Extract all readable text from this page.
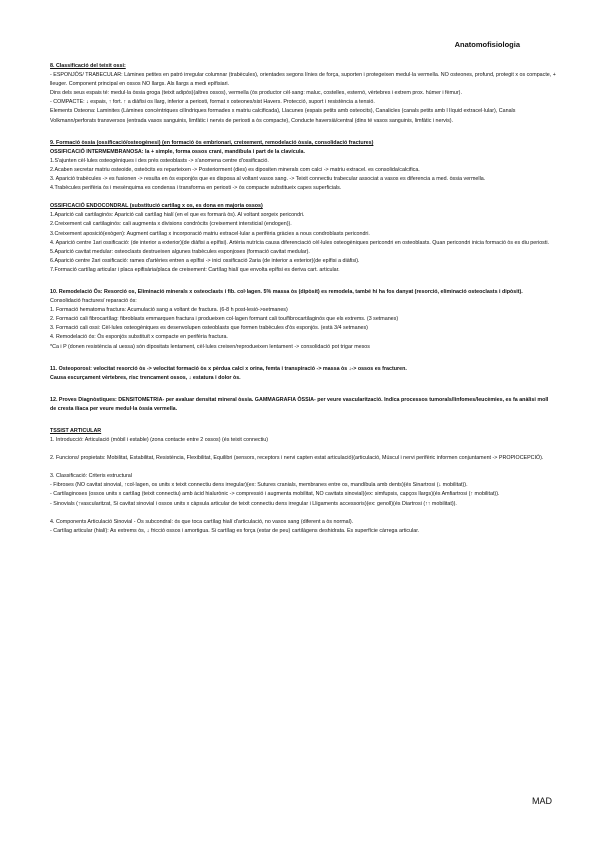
Anatomofisiologia
8. Classificació del teixit ossi:
- ESPONJÓS/ TRABECULAR: Làmines petites en patró irregular columnar (trabècules), orientades segons línies de força, suporten i protegeixen medul·la vermella. NO osteones, profund, protegit x os compacte, + lleuger. Component principal en ossos NO llargs. Als llargs a medi epífisiari.
Dins dels seus espais té: medul·la òssia groga (teixit adipós)(altres ossos), vermella (òs productor cèl·sang: maluc, costelles, esternó, vèrtebres i extrem prox. húmer i fèmur).
- COMPACTE: ↓ espais, ↑ fort. ↑ a diàfisi os llarg, inferior a periosti, format x osteones/sist Havers. Protecció, suport i resistència a tensió.
Elements Osteona: Laminites (Làmines concèntriques cilíndriques formades x matriu calcificada), Llacunes (espais petits amb osteocits), Canalicles (canals petits amb l líquid extracel·lular), Canals Volkmann/perforats transversos (entrada vasos sanguinis, limfàtic i nervis de periosti a òs compacte), Conducte haversià/central (dins té vasos sanguinis, limfàtic i nervis).
9. Formació òssia (ossificació/osteogènesi) (en formació òs embrionari, creixement, remodelació òssia, consolidació fractures)
OSSIFICACIÓ INTERMEMBRANOSA: la + simple, forma ossos crani, mandíbula i part de la clavícula.
1.S'ajunten cèl·lules osteogèniques i des prés osteoblasts -> s'anomena centre d'ossificació.
2.Acaben secretar matriu osteoide, osteòcits es reparteixen -> Posteriorment (dies) es dipositen minerals com calci -> matriu extracel. es consolida/calcifica.
3. Aparició trabècules -> es fusionen -> resulta en òs esponjós que es disposa al voltant vasos sang. -> Teixit connectiu trabecular associat a vasos es diferencia a med. òssia vermella.
4.Trabècules perifèria òs i mesènquima es condensa i transforma en periosti -> òs compacte substitueix capes superficials.
OSSIFICACIÓ ENDOCONDRAL (substitució cartílag x os, es dona en majoria ossos)
1.Aparició cali cartilaginós: Aparició cali cartílag hialí (en el que es formarà òs). Al voltant sorgeix pericondri.
2.Creixement cali cartilaginós: cali augmenta x divisions condròcits (creixement intersticial (endogen)).
3.Creixement aposició(exògen): Augment cartílag x incorporació matriu extracel·lular a perifèria gràcies a nous condroblasts pericondri.
4. Aparició centre 1ari ossificació: (de interior a exterior)(de diàfisi a epífisi). Artèria nutrícia causa diferenciació cèl·lules osteogèniques pericondri en osteoblasts. Quan pericondri inicia formació òs es diu periosti.
5.Aparició cavitat medular: osteoclasts destrueixen algunes trabècules esponjoses (formació cavitat medular).
6.Aparició centre 2ari ossificació: rames d'artèries entren a epífisi -> inici ossificació 2aria (de interior a exterior)(de epífisi a diàfisi).
7.Formació cartílag articular i placa epifisària/placa de creixement: Cartílag hialí que envolta epífisi es deriva cart. articular.
10. Remodelació Ós: Resorció os, Eliminació minerals x osteoclasts i fib. col·lagen. 5% massa òs (dipòsit) es remodela, també hi ha fos danyat (resorció, eliminació osteoclasts i dipòsit).
Consolidació fractures/ reparació ós:
1. Formació hematoma fractura: Acumulació sang a voltant de fractura. (6-8 h post-lesió->setmanes)
2. Formació cali fibrocartílag: fibroblasts emmarquen fractura i produeixen col·lagen formant cali tou/fibrocartilaginós que els extrems. (3 setmanes)
3. Formació cali ossi: Cèl·lules osteogèniques es desenvolupen osteoblasts que formen trabècules d'òs esponjós. (està 3/4 setmanes)
4. Remodelació ós: Òs esponjós substituït x compacte en perifèria fractura.
*Ca i P (donen resistència al uessa) són dipositats lentament, cèl·lules creixen/reprodueixen lentament -> consolidació pot trigar mesos
11. Osteoporosi: velocitat resorció òs -> velocitat formació òs x pèrdua calci x orina, femta i transpiració -> massa òs ↓-> ossos es fracturen.
Causa escurçament vèrtebres, risc trencament ossos, ↓ estatura i dolor òs.
12. Proves Diagnòstiques: DENSITOMETRIA- per avaluar densitat mineral òssia. GAMMAGRAFIA ÒSSIA- per veure vascularització. Indica processos tumorals/linfomes/leucèmies, es fa anàlisi moll de cresta ilíaca per veure medul·la òssia vermella.
TSSIST ARTICULAR
1. Introducció: Articulació (mòbil i estable) (zona contacte entre 2 ossos) (és teixit connectiu)
2. Funcions/ propietats: Mobilitat, Estabilitat, Resistència, Flexibilitat, Equilibri (sensors, receptors i nervi capten estat articulació)(articulació, Múscul i nervi perifèric informen conjuntament -> PROPIOCEPCIÓ).
3. Classificació: Criteris estructural
- Fibroses (NO cavitat sinovial, ↑col·lagen, os units x teixit connectiu dens irregular)(ex: Sutures cranials, membranes entre os, mandíbula amb dents)(és Sinartrosi (↓ mobilitat)).
- Cartilaginoses (ossos units x cartílag (teixit connectiu) amb àcid hialurònic -> compressió i augmenta mobilitat, NO cavitats sinovial)(ex: simfupsis, capços llargs)(és Amfiartrosi (↑ mobilitat)).
- Sinovials (↑vascularitzat, Si cavitat sinovial i ossos units x càpsula articular de teixit connectiu dens irregular i Lligaments accessoris)(ex: genoll)(és Diartrosi (↑↑ mobilitat)).
4. Components Articulació Sinovial - Òs subcondral: ós que toca cartílag hialí d'articulació, no vasos sang (diferent a òs normal).
- Cartílag articular (hialí): As extrems òs, ↓ fricció ossos i amortigua. Si cartílag es força (estar de peu) cartilàgens deshidrata. Es superfície càrrega articular.
MAD
